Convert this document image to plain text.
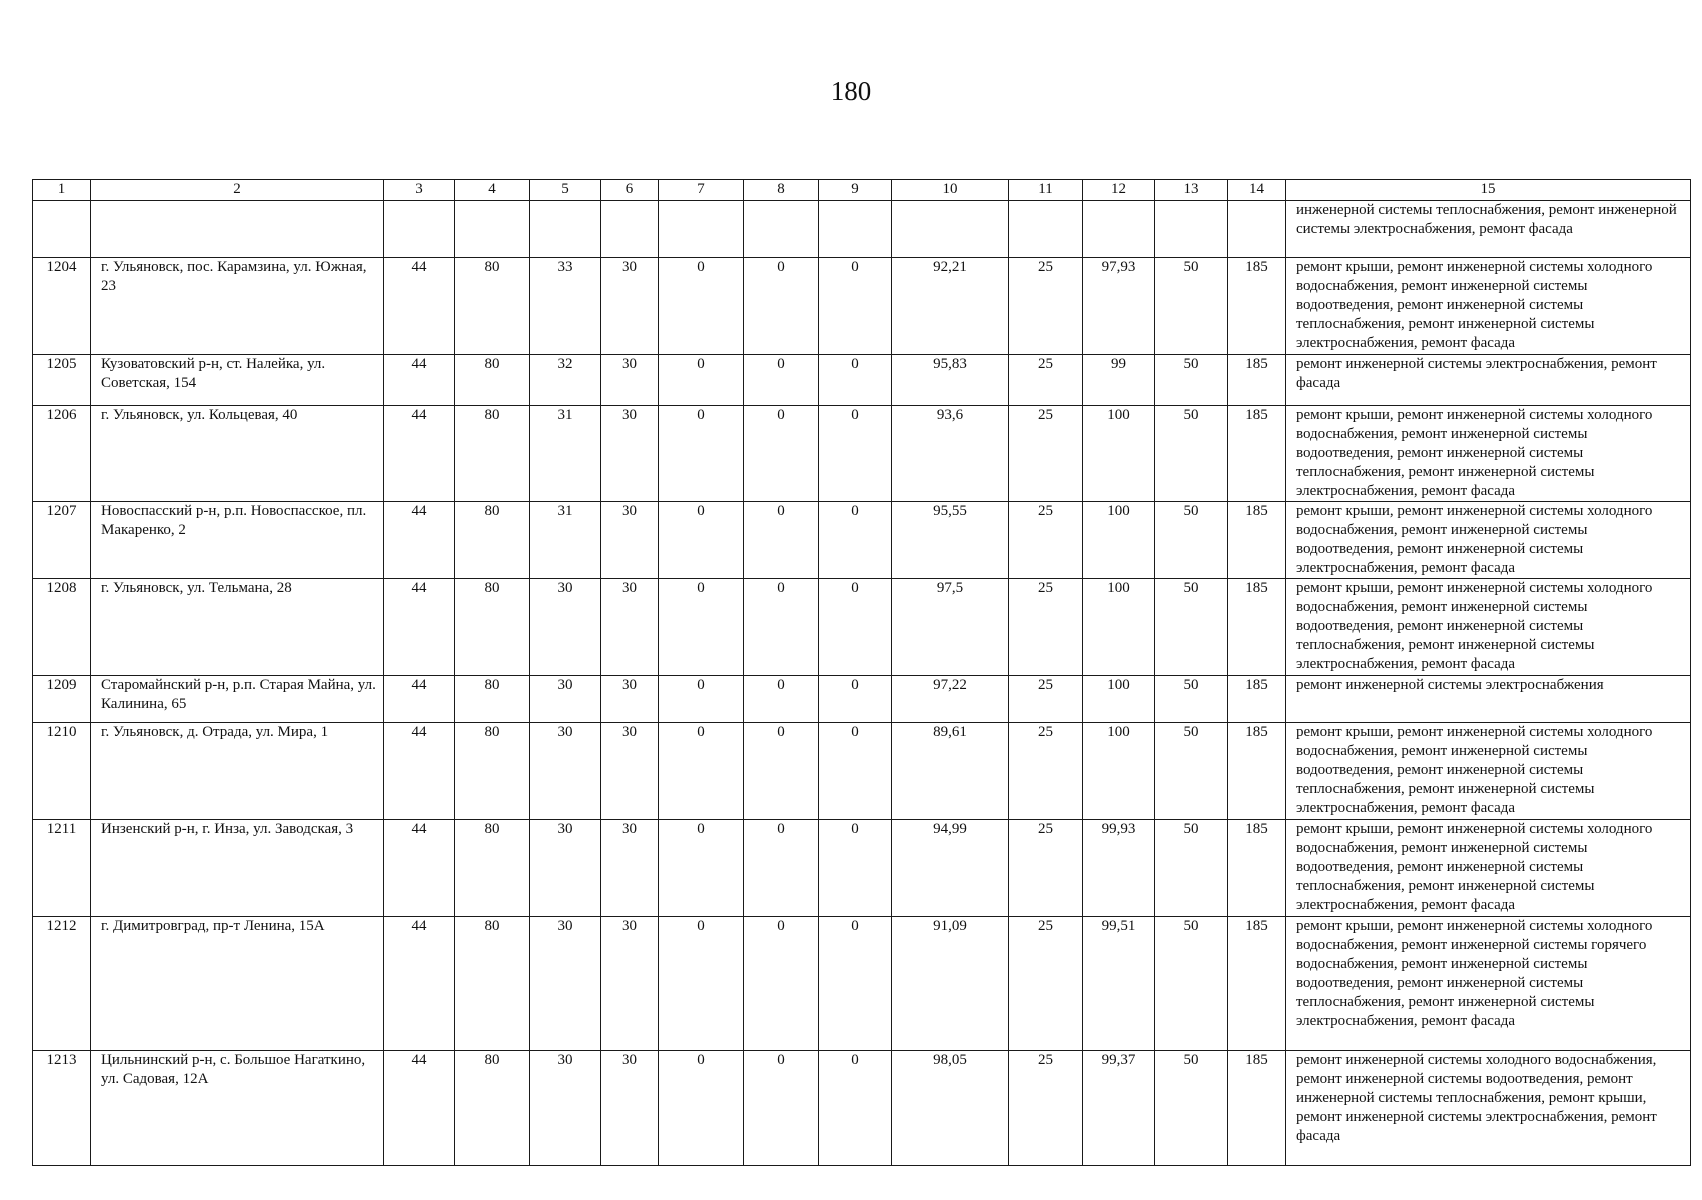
180
1	2	3	4	5	6	7	8	9	10	11	12	13	14	15
														инженерной системы теплоснабжения, ремонт инженерной системы электроснабжения, ремонт фасада
1204	г. Ульяновск, пос. Карамзина, ул. Южная, 23	44	80	33	30	0	0	0	92,21	25	97,93	50	185	ремонт крыши, ремонт инженерной системы холодного водоснабжения, ремонт инженерной системы водоотведения, ремонт инженерной системы теплоснабжения, ремонт инженерной системы электроснабжения, ремонт фасада
1205	Кузоватовский р-н, ст. Налейка, ул. Советская, 154	44	80	32	30	0	0	0	95,83	25	99	50	185	ремонт инженерной системы электроснабжения, ремонт фасада
1206	г. Ульяновск, ул. Кольцевая, 40	44	80	31	30	0	0	0	93,6	25	100	50	185	ремонт крыши, ремонт инженерной системы холодного водоснабжения, ремонт инженерной системы водоотведения, ремонт инженерной системы теплоснабжения, ремонт инженерной системы электроснабжения, ремонт фасада
1207	Новоспасский р-н, р.п. Новоспасское, пл. Макаренко, 2	44	80	31	30	0	0	0	95,55	25	100	50	185	ремонт крыши, ремонт инженерной системы холодного водоснабжения, ремонт инженерной системы водоотведения, ремонт инженерной системы электроснабжения, ремонт фасада
1208	г. Ульяновск, ул. Тельмана, 28	44	80	30	30	0	0	0	97,5	25	100	50	185	ремонт крыши, ремонт инженерной системы холодного водоснабжения, ремонт инженерной системы водоотведения, ремонт инженерной системы теплоснабжения, ремонт инженерной системы электроснабжения, ремонт фасада
1209	Старомайнский р-н, р.п. Старая Майна, ул. Калинина, 65	44	80	30	30	0	0	0	97,22	25	100	50	185	ремонт инженерной системы электроснабжения
1210	г. Ульяновск, д. Отрада, ул. Мира, 1	44	80	30	30	0	0	0	89,61	25	100	50	185	ремонт крыши, ремонт инженерной системы холодного водоснабжения, ремонт инженерной системы водоотведения, ремонт инженерной системы теплоснабжения, ремонт инженерной системы электроснабжения, ремонт фасада
1211	Инзенский р-н, г. Инза, ул. Заводская, 3	44	80	30	30	0	0	0	94,99	25	99,93	50	185	ремонт крыши, ремонт инженерной системы холодного водоснабжения, ремонт инженерной системы водоотведения, ремонт инженерной системы теплоснабжения, ремонт инженерной системы электроснабжения, ремонт фасада
1212	г. Димитровград, пр-т Ленина, 15А	44	80	30	30	0	0	0	91,09	25	99,51	50	185	ремонт крыши, ремонт инженерной системы холодного водоснабжения, ремонт инженерной системы горячего водоснабжения, ремонт инженерной системы водоотведения, ремонт инженерной системы теплоснабжения, ремонт инженерной системы электроснабжения, ремонт фасада
1213	Цильнинский р-н, с. Большое Нагаткино, ул. Садовая, 12А	44	80	30	30	0	0	0	98,05	25	99,37	50	185	ремонт инженерной системы холодного водоснабжения, ремонт инженерной системы водоотведения, ремонт инженерной системы теплоснабжения, ремонт крыши, ремонт инженерной системы электроснабжения, ремонт фасада
